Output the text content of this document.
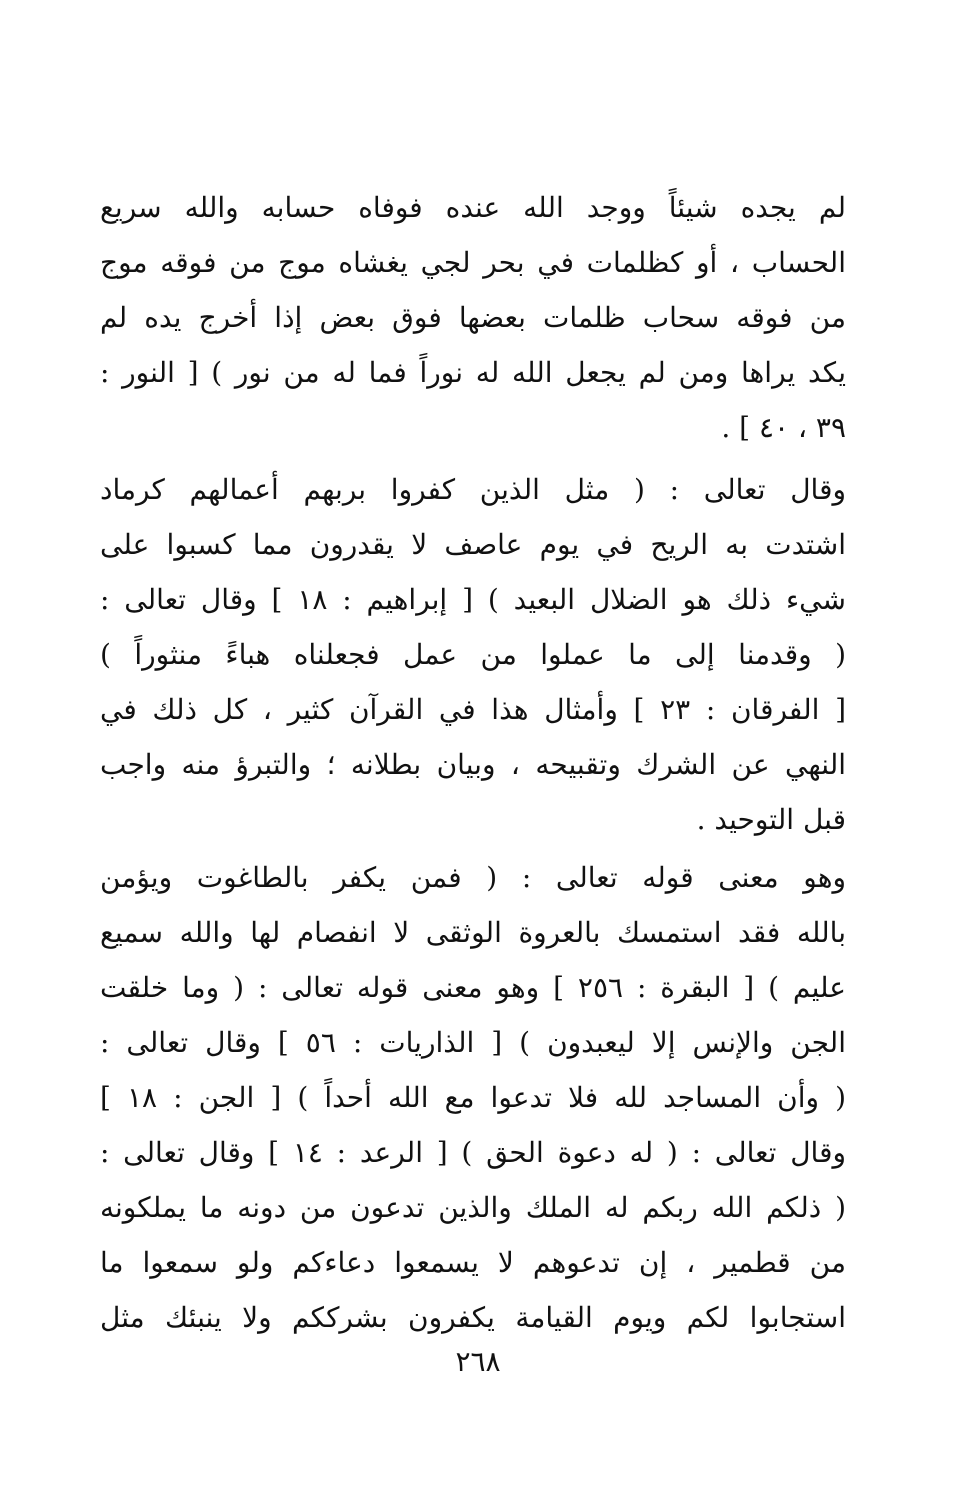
لم يجده شيئاً ووجد الله عنده فوفاه حسابه والله سريع
الحساب ، أو كظلمات في بحر لجي يغشاه موج من فوقه موج
من فوقه سحاب ظلمات بعضها فوق بعض إذا أخرج يده لم
يكد يراها ومن لم يجعل الله له نوراً فما له من نور ) [ النور :
٣٩ ، ٤٠ ] .
وقال تعالى : ( مثل الذين كفروا بربهم أعمالهم كرماد
اشتدت به الريح في يوم عاصف لا يقدرون مما كسبوا على
شيء ذلك هو الضلال البعيد ) [ إبراهيم : ١٨ ] وقال تعالى :
( وقدمنا إلى ما عملوا من عمل فجعلناه هباءً منثوراً )
[ الفرقان : ٢٣ ] وأمثال هذا في القرآن كثير ، كل ذلك في
النهي عن الشرك وتقبيحه ، وبيان بطلانه ؛ والتبرؤ منه واجب
قبل التوحيد .
وهو معنى قوله تعالى : ( فمن يكفر بالطاغوت ويؤمن
بالله فقد استمسك بالعروة الوثقى لا انفصام لها والله سميع
عليم ) [ البقرة : ٢٥٦ ] وهو معنى قوله تعالى : ( وما خلقت
الجن والإنس إلا ليعبدون ) [ الذاريات : ٥٦ ] وقال تعالى :
( وأن المساجد لله فلا تدعوا مع الله أحداً ) [ الجن : ١٨ ]
وقال تعالى : ( له دعوة الحق ) [ الرعد : ١٤ ] وقال تعالى :
( ذلكم الله ربكم له الملك والذين تدعون من دونه ما يملكونه
من قطمير ، إن تدعوهم لا يسمعوا دعاءكم ولو سمعوا ما
استجابوا لكم ويوم القيامة يكفرون بشرككم ولا ينبئك مثل
٢٦٨
